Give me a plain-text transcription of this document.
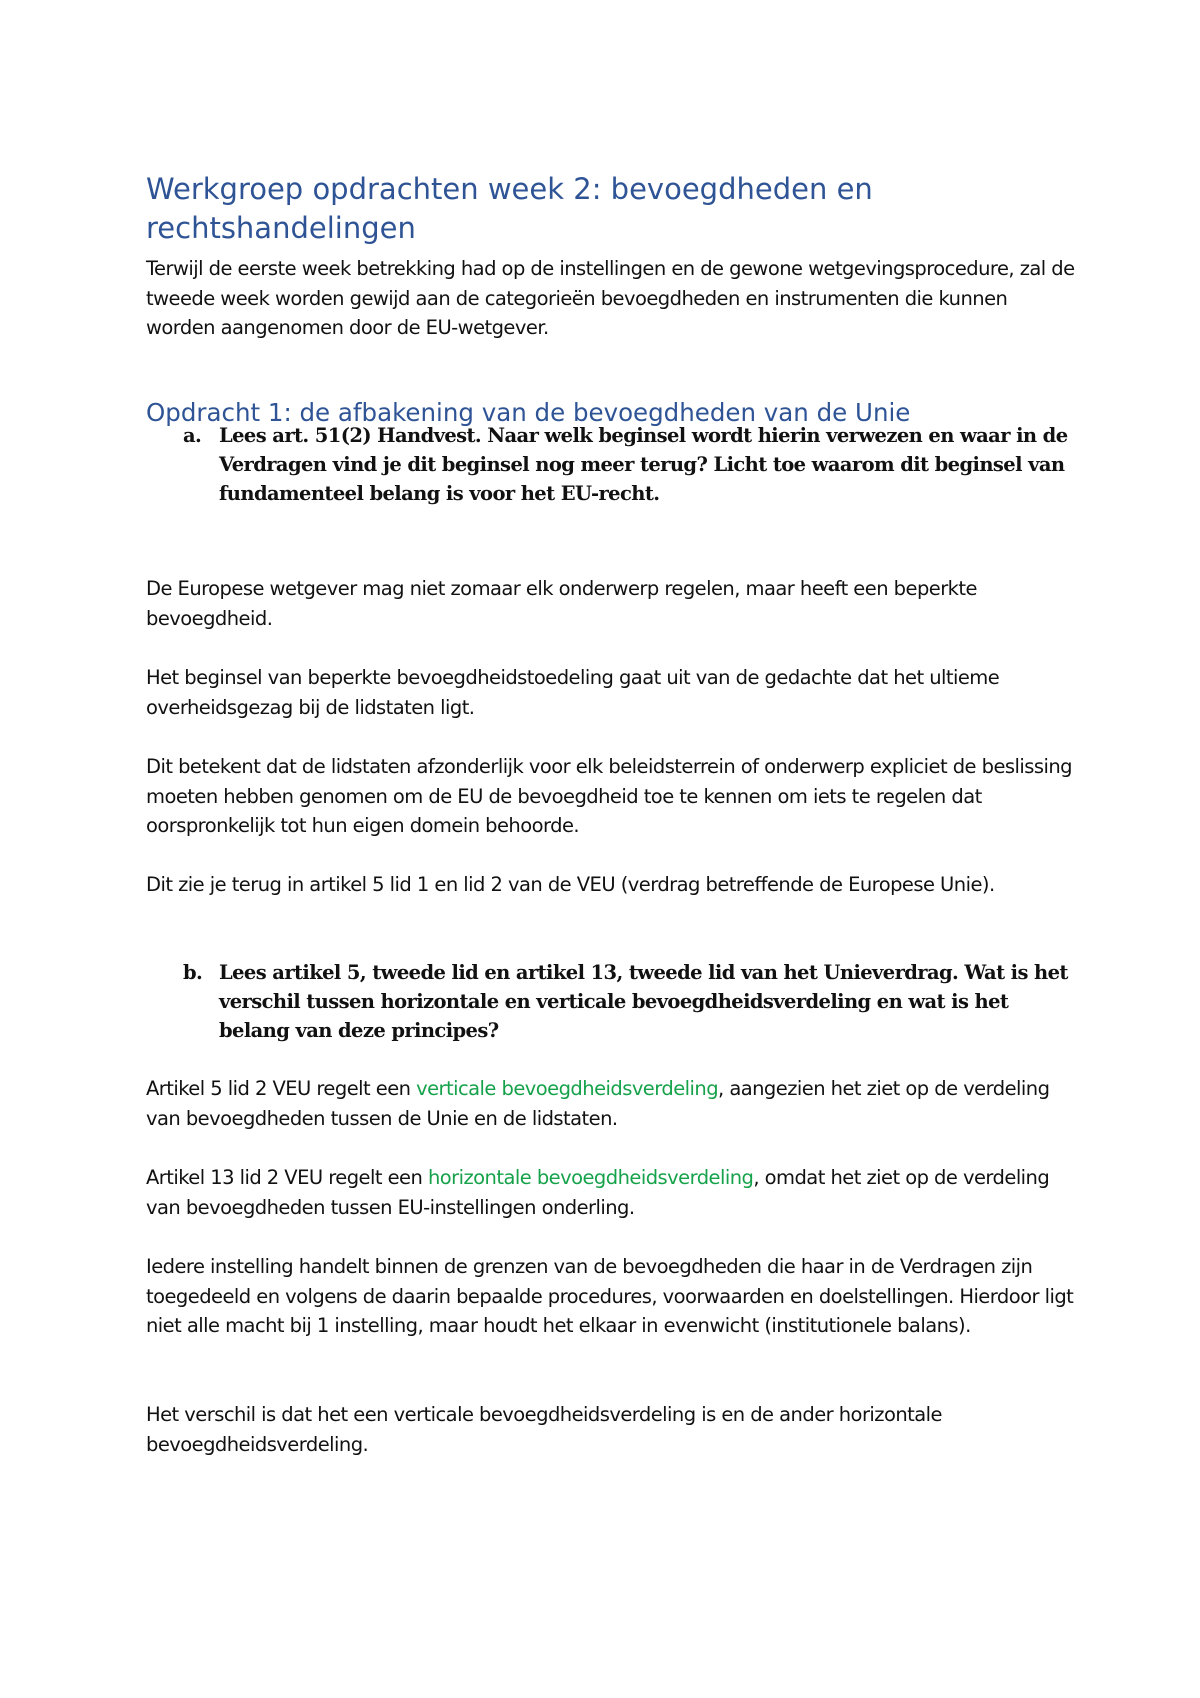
Werkgroep opdrachten week 2: bevoegdheden en rechtshandelingen

Terwijl de eerste week betrekking had op de instellingen en de gewone wetgevingsprocedure, zal de tweede week worden gewijd aan de categorieën bevoegdheden en instrumenten die kunnen worden aangenomen door de EU-wetgever.

Opdracht 1: de afbakening van de bevoegdheden van de Unie
a. Lees art. 51(2) Handvest. Naar welk beginsel wordt hierin verwezen en waar in de Verdragen vind je dit beginsel nog meer terug? Licht toe waarom dit beginsel van fundamenteel belang is voor het EU-recht.

De Europese wetgever mag niet zomaar elk onderwerp regelen, maar heeft een beperkte bevoegdheid.

Het beginsel van beperkte bevoegdheidstoedeling gaat uit van de gedachte dat het ultieme overheidsgezag bij de lidstaten ligt.

Dit betekent dat de lidstaten afzonderlijk voor elk beleidsterrein of onderwerp expliciet de beslissing moeten hebben genomen om de EU de bevoegdheid toe te kennen om iets te regelen dat oorspronkelijk tot hun eigen domein behoorde.

Dit zie je terug in artikel 5 lid 1 en lid 2 van de VEU (verdrag betreffende de Europese Unie).

b. Lees artikel 5, tweede lid en artikel 13, tweede lid van het Unieverdrag. Wat is het verschil tussen horizontale en verticale bevoegdheidsverdeling en wat is het belang van deze principes?

Artikel 5 lid 2 VEU regelt een verticale bevoegdheidsverdeling, aangezien het ziet op de verdeling van bevoegdheden tussen de Unie en de lidstaten.

Artikel 13 lid 2 VEU regelt een horizontale bevoegdheidsverdeling, omdat het ziet op de verdeling van bevoegdheden tussen EU-instellingen onderling.

Iedere instelling handelt binnen de grenzen van de bevoegdheden die haar in de Verdragen zijn toegedeeld en volgens de daarin bepaalde procedures, voorwaarden en doelstellingen. Hierdoor ligt niet alle macht bij 1 instelling, maar houdt het elkaar in evenwicht (institutionele balans).

Het verschil is dat het een verticale bevoegdheidsverdeling is en de ander horizontale bevoegdheidsverdeling.
